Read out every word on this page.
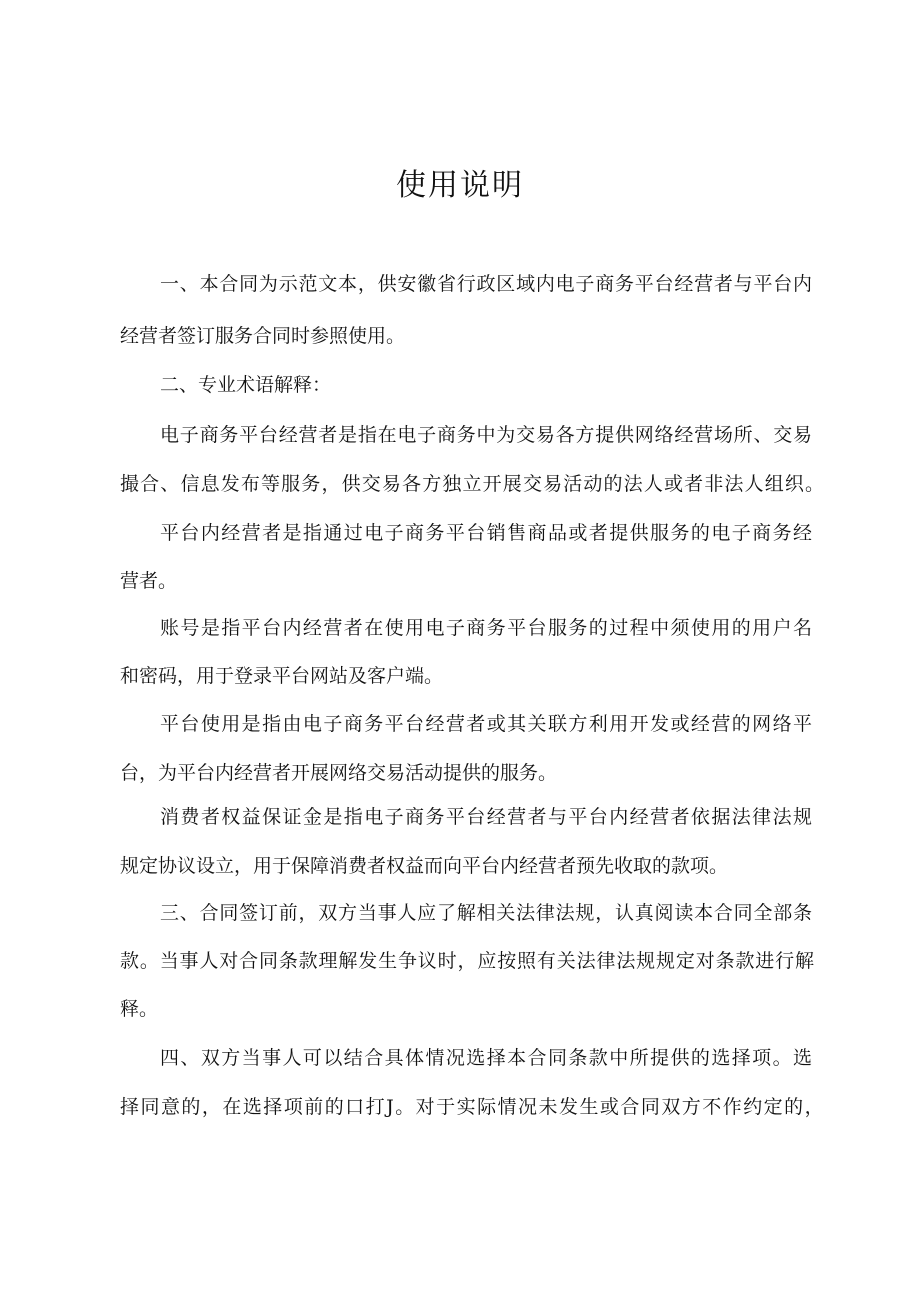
使用说明
一、本合同为示范文本，供安徽省行政区域内电子商务平台经营者与平台内
经营者签订服务合同时参照使用。
二、专业术语解释：
电子商务平台经营者是指在电子商务中为交易各方提供网络经营场所、交易
撮合、信息发布等服务，供交易各方独立开展交易活动的法人或者非法人组织。
平台内经营者是指通过电子商务平台销售商品或者提供服务的电子商务经
营者。
账号是指平台内经营者在使用电子商务平台服务的过程中须使用的用户名
和密码，用于登录平台网站及客户端。
平台使用是指由电子商务平台经营者或其关联方利用开发或经营的网络平
台，为平台内经营者开展网络交易活动提供的服务。
消费者权益保证金是指电子商务平台经营者与平台内经营者依据法律法规
规定协议设立，用于保障消费者权益而向平台内经营者预先收取的款项。
三、合同签订前，双方当事人应了解相关法律法规，认真阅读本合同全部条
款。当事人对合同条款理解发生争议时，应按照有关法律法规规定对条款进行解
释。
四、双方当事人可以结合具体情况选择本合同条款中所提供的选择项。选
择同意的，在选择项前的口打J。对于实际情况未发生或合同双方不作约定的，
